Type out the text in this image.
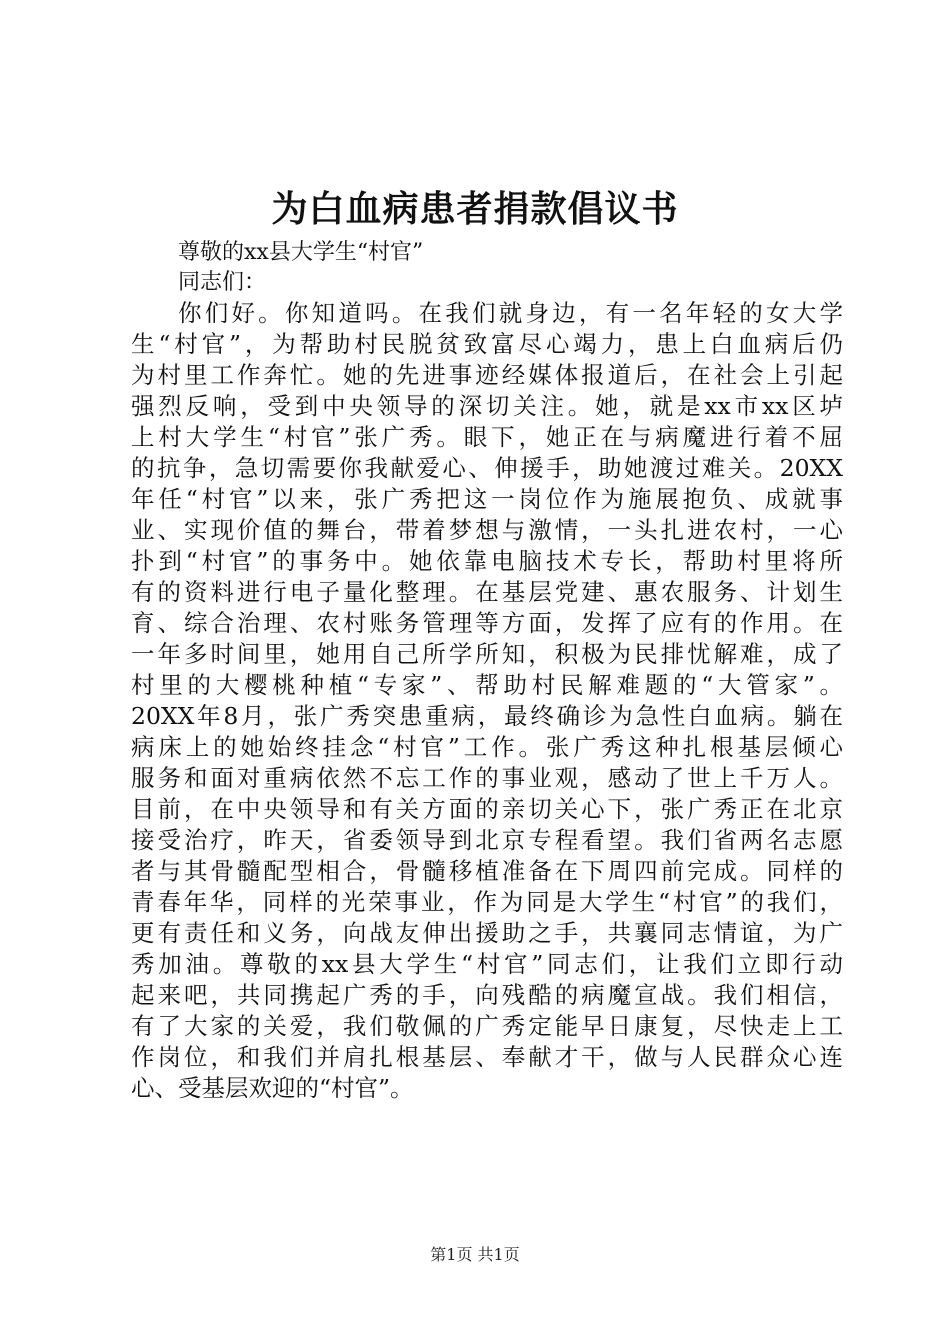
为白血病患者捐款倡议书
尊敬的xx县大学生“村官”
同志们：
你们好。你知道吗。在我们就身边，有一名年轻的女大学
生“村官”，为帮助村民脱贫致富尽心竭力，患上白血病后仍
为村里工作奔忙。她的先进事迹经媒体报道后，在社会上引起
强烈反响，受到中央领导的深切关注。她，就是xx市xx区垆
上村大学生“村官”张广秀。眼下，她正在与病魔进行着不屈
的抗争，急切需要你我献爱心、伸援手，助她渡过难关。20XX
年任“村官”以来，张广秀把这一岗位作为施展抱负、成就事
业、实现价值的舞台，带着梦想与激情，一头扎进农村，一心
扑到“村官”的事务中。她依靠电脑技术专长，帮助村里将所
有的资料进行电子量化整理。在基层党建、惠农服务、计划生
育、综合治理、农村账务管理等方面，发挥了应有的作用。在
一年多时间里，她用自己所学所知，积极为民排忧解难，成了
村里的大樱桃种植“专家”、帮助村民解难题的“大管家”。
20XX年8月，张广秀突患重病，最终确诊为急性白血病。躺在
病床上的她始终挂念“村官”工作。张广秀这种扎根基层倾心
服务和面对重病依然不忘工作的事业观，感动了世上千万人。
目前，在中央领导和有关方面的亲切关心下，张广秀正在北京
接受治疗，昨天，省委领导到北京专程看望。我们省两名志愿
者与其骨髓配型相合，骨髓移植准备在下周四前完成。同样的
青春年华，同样的光荣事业，作为同是大学生“村官”的我们，
更有责任和义务，向战友伸出援助之手，共襄同志情谊，为广
秀加油。尊敬的xx县大学生“村官”同志们，让我们立即行动
起来吧，共同携起广秀的手，向残酷的病魔宣战。我们相信，
有了大家的关爱，我们敬佩的广秀定能早日康复，尽快走上工
作岗位，和我们并肩扎根基层、奉献才干，做与人民群众心连
心、受基层欢迎的“村官”。
第1页 共1页
